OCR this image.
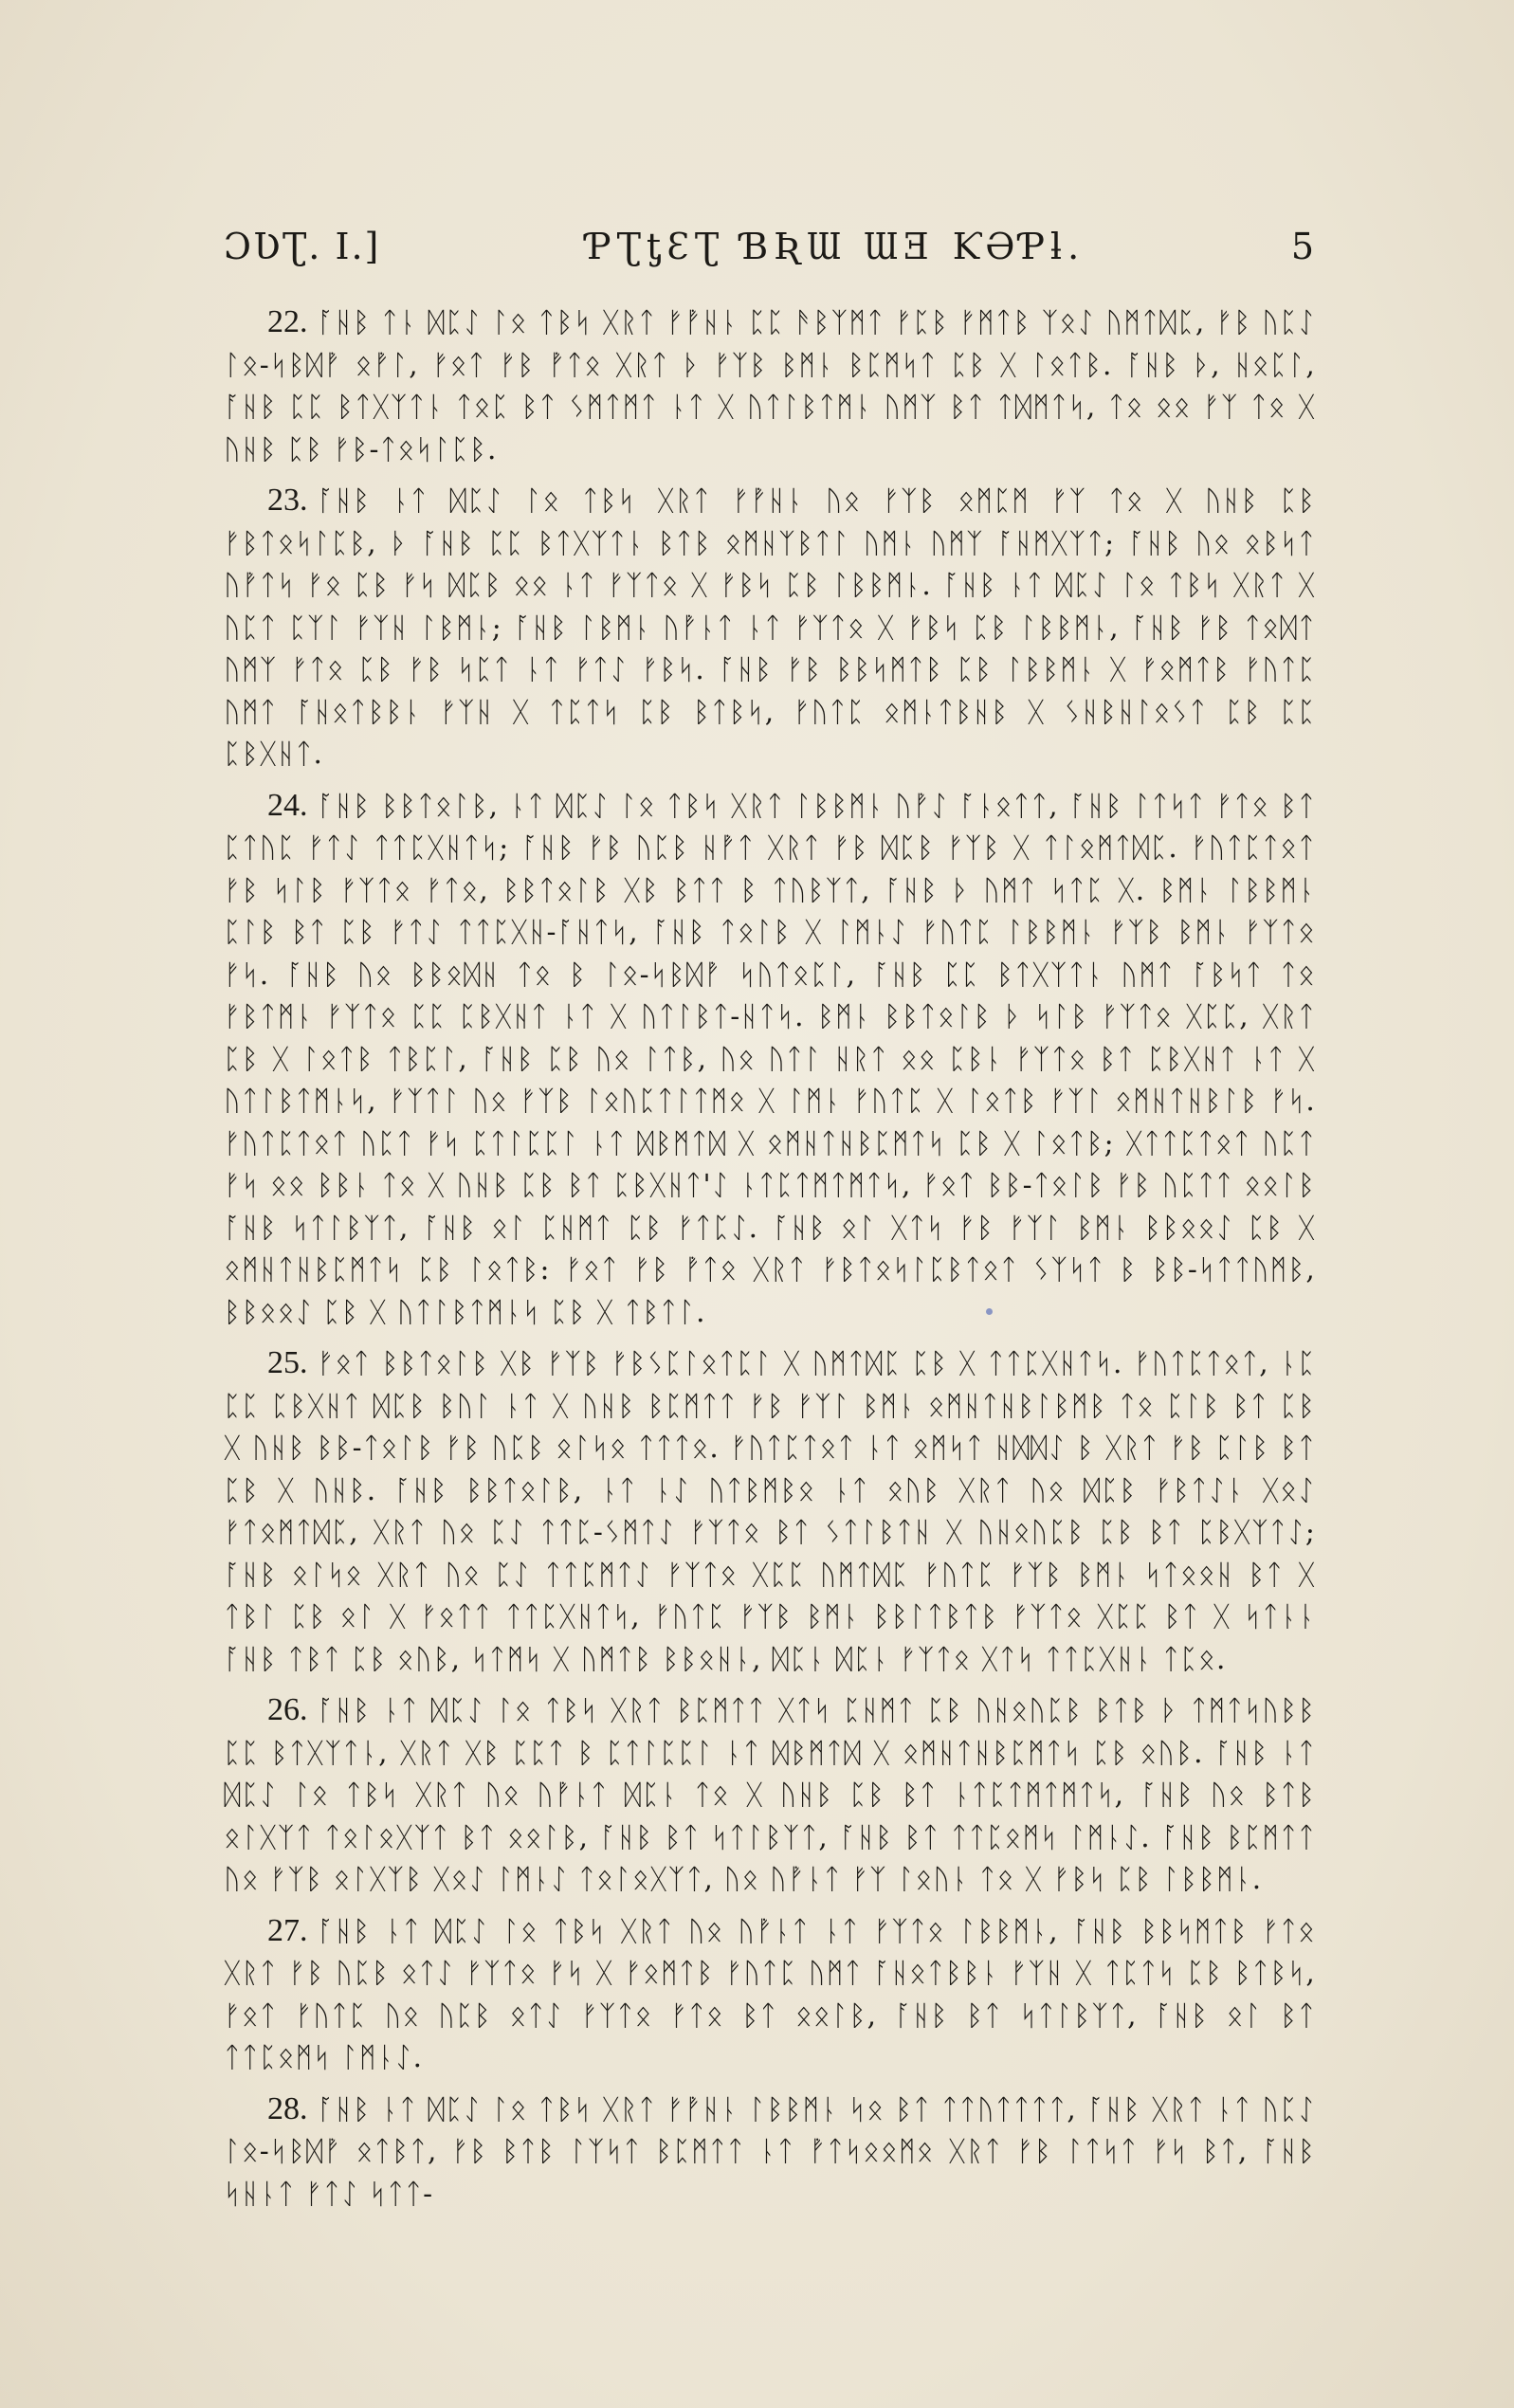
ƆƲƮ. I.]	ƤƮƫƐƮ ƁƦƜ ƜƎ ƘƏƤƚ.	5

22. ᚪᚺᛒ ᛏᚿ ᛞᛈᛇ ᛚᛟ ᛏᛒᛋ ᚷᚱᛏ ᚠᚡᚺᚿ ᛈᛈ ᚫᛒᛉᛗᛏ ᚠᛈᛒ ᚠᛗᛏᛒ ᛉᛟᛇ ᚢᛗᛏᛞᛈ, ᚠᛒ ᚢᛈᛇ ᛚᛟ-ᛋᛒᛞᚡ ᛟᚡᛚ, ᚠᛟᛏ ᚠᛒ ᚡᛏᛟ ᚷᚱᛏ ᚦ ᚠᛉᛒ ᛒᛗᚿ ᛒᛈᛗᛋᛏ ᛈᛒ ᚷ ᛚᛟᛏᛒ. ᚪᚺᛒ ᚦ, ᚺᛟᛈᛚ, ᚪᚺᛒ ᛈᛈ ᛒᛏᚷᛉᛏᚿ ᛏᛟᛈ ᛒᛏ ᛊᛗᛏᛗᛏ ᚿᛏ ᚷ ᚢᛏᛚᛒᛏᛗᚿ ᚢᛗᛉ ᛒᛏ ᛏᛞᛗᛏᛋ, ᛏᛟ ᛟᛟ ᚠᛉ ᛏᛟ ᚷ ᚢᚺᛒ ᛈᛒ ᚠᛒ-ᛏᛟᛋᛚᛈᛒ.

23. ᚪᚺᛒ ᚿᛏ ᛞᛈᛇ ᛚᛟ ᛏᛒᛋ ᚷᚱᛏ ᚠᚡᚺᚿ ᚢᛟ ᚠᛉᛒ ᛟᛗᛈᛗ ᚠᛉ ᛏᛟ ᚷ ᚢᚺᛒ ᛈᛒ ᚠᛒᛏᛟᛋᛚᛈᛒ, ᚦ ᚪᚺᛒ ᛈᛈ ᛒᛏᚷᛉᛏᚿ ᛒᛏᛒ ᛟᛗᚺᛉᛒᛏᛚ ᚢᛗᚿ ᚢᛗᛉ ᚪᚺᛗᚷᛉᛏ; ᚪᚺᛒ ᚢᛟ ᛟᛒᛋᛏ ᚢᚡᛏᛋ ᚠᛟ ᛈᛒ ᚠᛋ ᛞᛈᛒ ᛟᛟ ᚿᛏ ᚠᛉᛏᛟ ᚷ ᚠᛒᛋ ᛈᛒ ᛚᛒᛒᛗᚿ. ᚪᚺᛒ ᚿᛏ ᛞᛈᛇ ᛚᛟ ᛏᛒᛋ ᚷᚱᛏ ᚷ ᚢᛈᛏ ᛈᛉᛚ ᚠᛉᚺ ᛚᛒᛗᚿ; ᚪᚺᛒ ᛚᛒᛗᚿ ᚢᚡᚿᛏ ᚿᛏ ᚠᛉᛏᛟ ᚷ ᚠᛒᛋ ᛈᛒ ᛚᛒᛒᛗᚿ, ᚪᚺᛒ ᚠᛒ ᛏᛟᛞᛏ ᚢᛗᛉ ᚠᛏᛟ ᛈᛒ ᚠᛒ ᛋᛈᛏ ᚿᛏ ᚠᛏᛇ ᚠᛒᛋ. ᚪᚺᛒ ᚠᛒ ᛒᛒᛋᛗᛏᛒ ᛈᛒ ᛚᛒᛒᛗᚿ ᚷ ᚠᛟᛗᛏᛒ ᚠᚢᛏᛈ ᚢᛗᛏ ᚪᚺᛟᛏᛒᛒᚿ ᚠᛉᚺ ᚷ ᛏᛈᛏᛋ ᛈᛒ ᛒᛏᛒᛋ, ᚠᚢᛏᛈ ᛟᛗᚿᛏᛒᚺᛒ ᚷ ᛊᚺᛒᚺᛚᛟᛊᛏ ᛈᛒ ᛈᛈ ᛈᛒᚷᚺᛏ.

24. ᚪᚺᛒ ᛒᛒᛏᛟᛚᛒ, ᚿᛏ ᛞᛈᛇ ᛚᛟ ᛏᛒᛋ ᚷᚱᛏ ᛚᛒᛒᛗᚿ ᚢᚡᛇ ᚪᚿᛟᛏᛏ, ᚪᚺᛒ ᛚᛏᛋᛏ ᚠᛏᛟ ᛒᛏ ᛈᛏᚢᛈ ᚠᛏᛇ ᛏᛏᛈᚷᚺᛏᛋ; ᚪᚺᛒ ᚠᛒ ᚢᛈᛒ ᚺᚡᛏ ᚷᚱᛏ ᚠᛒ ᛞᛈᛒ ᚠᛉᛒ ᚷ ᛏᛚᛟᛗᛏᛞᛈ. ᚠᚢᛏᛈᛏᛟᛏ ᚠᛒ ᛋᛚᛒ ᚠᛉᛏᛟ ᚠᛏᛟ, ᛒᛒᛏᛟᛚᛒ ᚷᛒ ᛒᛏᛏ ᛒ ᛏᚢᛒᛉᛏ, ᚪᚺᛒ ᚦ ᚢᛗᛏ ᛋᛏᛈ ᚷ. ᛒᛗᚿ ᛚᛒᛒᛗᚿ ᛈᛚᛒ ᛒᛏ ᛈᛒ ᚠᛏᛇ ᛏᛏᛈᚷᚺ-ᚪᚺᛏᛋ, ᚪᚺᛒ ᛏᛟᛚᛒ ᚷ ᛚᛗᚿᛇ ᚠᚢᛏᛈ ᛚᛒᛒᛗᚿ ᚠᛉᛒ ᛒᛗᚿ ᚠᛉᛏᛟ ᚠᛋ. ᚪᚺᛒ ᚢᛟ ᛒᛒᛟᛞᚺ ᛏᛟ ᛒ ᛚᛟ-ᛋᛒᛞᚡ ᛋᚢᛏᛟᛈᛚ, ᚪᚺᛒ ᛈᛈ ᛒᛏᚷᛉᛏᚿ ᚢᛗᛏ ᚪᛒᛋᛏ ᛏᛟ ᚠᛒᛏᛗᚿ ᚠᛉᛏᛟ ᛈᛈ ᛈᛒᚷᚺᛏ ᚿᛏ ᚷ ᚢᛏᛚᛒᛏ-ᚺᛏᛋ. ᛒᛗᚿ ᛒᛒᛏᛟᛚᛒ ᚦ ᛋᛚᛒ ᚠᛉᛏᛟ ᚷᛈᛈ, ᚷᚱᛏ ᛈᛒ ᚷ ᛚᛟᛏᛒ ᛏᛒᛈᛚ, ᚪᚺᛒ ᛈᛒ ᚢᛟ ᛚᛏᛒ, ᚢᛟ ᚢᛏᛚ ᚺᚱᛏ ᛟᛟ ᛈᛒᚿ ᚠᛉᛏᛟ ᛒᛏ ᛈᛒᚷᚺᛏ ᚿᛏ ᚷ ᚢᛏᛚᛒᛏᛗᚿᛋ, ᚠᛉᛏᛚ ᚢᛟ ᚠᛉᛒ ᛚᛟᚢᛈᛏᛚᛏᛗᛟ ᚷ ᛚᛗᚿ ᚠᚢᛏᛈ ᚷ ᛚᛟᛏᛒ ᚠᛉᛚ ᛟᛗᚺᛏᚺᛒᛚᛒ ᚠᛋ. ᚠᚢᛏᛈᛏᛟᛏ ᚢᛈᛏ ᚠᛋ ᛈᛏᛚᛈᛈᛚ ᚿᛏ ᛞᛒᛗᛏᛞ ᚷ ᛟᛗᚺᛏᚺᛒᛈᛗᛏᛋ ᛈᛒ ᚷ ᛚᛟᛏᛒ; ᚷᛏᛏᛈᛏᛟᛏ ᚢᛈᛏ ᚠᛋ ᛟᛟ ᛒᛒᚿ ᛏᛟ ᚷ ᚢᚺᛒ ᛈᛒ ᛒᛏ ᛈᛒᚷᚺᛏ'ᛇ ᚿᛏᛈᛏᛗᛏᛗᛏᛋ, ᚠᛟᛏ ᛒᛒ-ᛏᛟᛚᛒ ᚠᛒ ᚢᛈᛏᛏ ᛟᛟᛚᛒ ᚪᚺᛒ ᛋᛏᛚᛒᛉᛏ, ᚪᚺᛒ ᛟᛚ ᛈᚺᛗᛏ ᛈᛒ ᚠᛏᛈᛇ. ᚪᚺᛒ ᛟᛚ ᚷᛏᛋ ᚠᛒ ᚠᛉᛚ ᛒᛗᚿ ᛒᛒᛟᛟᛇ ᛈᛒ ᚷ ᛟᛗᚺᛏᚺᛒᛈᛗᛏᛋ ᛈᛒ ᛚᛟᛏᛒ: ᚠᛟᛏ ᚠᛒ ᚡᛏᛟ ᚷᚱᛏ ᚠᛒᛏᛟᛋᛚᛈᛒᛏᛟᛏ ᛊᛉᛋᛏ ᛒ ᛒᛒ-ᛋᛏᛏᚢᛗᛒ, ᛒᛒᛟᛟᛇ ᛈᛒ ᚷ ᚢᛏᛚᛒᛏᛗᚿᛋ ᛈᛒ ᚷ ᛏᛒᛏᛚ.

25. ᚠᛟᛏ ᛒᛒᛏᛟᛚᛒ ᚷᛒ ᚠᛉᛒ ᚠᛒᛊᛈᛚᛟᛏᛈᛚ ᚷ ᚢᛗᛏᛞᛈ ᛈᛒ ᚷ ᛏᛏᛈᚷᚺᛏᛋ. ᚠᚢᛏᛈᛏᛟᛏ, ᚿᛈ ᛈᛈ ᛈᛒᚷᚺᛏ ᛞᛈᛒ ᛒᚢᛚ ᚿᛏ ᚷ ᚢᚺᛒ ᛒᛈᛗᛏᛏ ᚠᛒ ᚠᛉᛚ ᛒᛗᚿ ᛟᛗᚺᛏᚺᛒᛚᛒᛗᛒ ᛏᛟ ᛈᛚᛒ ᛒᛏ ᛈᛒ ᚷ ᚢᚺᛒ ᛒᛒ-ᛏᛟᛚᛒ ᚠᛒ ᚢᛈᛒ ᛟᛚᛋᛟ ᛏᛏᛏᛟ. ᚠᚢᛏᛈᛏᛟᛏ ᚿᛏ ᛟᛗᛋᛏ ᚺᛞᛞᛇ ᛒ ᚷᚱᛏ ᚠᛒ ᛈᛚᛒ ᛒᛏ ᛈᛒ ᚷ ᚢᚺᛒ. ᚪᚺᛒ ᛒᛒᛏᛟᛚᛒ, ᚿᛏ ᚿᛇ ᚢᛏᛒᛗᛒᛟ ᚿᛏ ᛟᚢᛒ ᚷᚱᛏ ᚢᛟ ᛞᛈᛒ ᚠᛒᛏᛇᚿ ᚷᛟᛇ ᚠᛏᛟᛗᛏᛞᛈ, ᚷᚱᛏ ᚢᛟ ᛈᛇ ᛏᛏᛈ-ᛊᛗᛏᛇ ᚠᛉᛏᛟ ᛒᛏ ᛊᛏᛚᛒᛏᚺ ᚷ ᚢᚺᛟᚢᛈᛒ ᛈᛒ ᛒᛏ ᛈᛒᚷᛉᛏᛇ; ᚪᚺᛒ ᛟᛚᛋᛟ ᚷᚱᛏ ᚢᛟ ᛈᛇ ᛏᛏᛈᛗᛏᛇ ᚠᛉᛏᛟ ᚷᛈᛈ ᚢᛗᛏᛞᛈ ᚠᚢᛏᛈ ᚠᛉᛒ ᛒᛗᚿ ᛋᛏᛟᛟᚺ ᛒᛏ ᚷ ᛏᛒᛚ ᛈᛒ ᛟᛚ ᚷ ᚠᛟᛏᛏ ᛏᛏᛈᚷᚺᛏᛋ, ᚠᚢᛏᛈ ᚠᛉᛒ ᛒᛗᚿ ᛒᛒᛚᛏᛒᛏᛒ ᚠᛉᛏᛟ ᚷᛈᛈ ᛒᛏ ᚷ ᛋᛏᚿᚿ ᚪᚺᛒ ᛏᛒᛏ ᛈᛒ ᛟᚢᛒ, ᛋᛏᛗᛋ ᚷ ᚢᛗᛏᛒ ᛒᛒᛟᚺᚿ, ᛞᛈᚿ ᛞᛈᚿ ᚠᛉᛏᛟ ᚷᛏᛋ ᛏᛏᛈᚷᚺᚿ ᛏᛈᛟ.

26. ᚪᚺᛒ ᚿᛏ ᛞᛈᛇ ᛚᛟ ᛏᛒᛋ ᚷᚱᛏ ᛒᛈᛗᛏᛏ ᚷᛏᛋ ᛈᚺᛗᛏ ᛈᛒ ᚢᚺᛟᚢᛈᛒ ᛒᛏᛒ ᚦ ᛏᛗᛏᛋᚢᛒᛒ ᛈᛈ ᛒᛏᚷᛉᛏᚿ, ᚷᚱᛏ ᚷᛒ ᛈᛈᛏ ᛒ ᛈᛏᛚᛈᛈᛚ ᚿᛏ ᛞᛒᛗᛏᛞ ᚷ ᛟᛗᚺᛏᚺᛒᛈᛗᛏᛋ ᛈᛒ ᛟᚢᛒ. ᚪᚺᛒ ᚿᛏ ᛞᛈᛇ ᛚᛟ ᛏᛒᛋ ᚷᚱᛏ ᚢᛟ ᚢᚡᚿᛏ ᛞᛈᚿ ᛏᛟ ᚷ ᚢᚺᛒ ᛈᛒ ᛒᛏ ᚿᛏᛈᛏᛗᛏᛗᛏᛋ, ᚪᚺᛒ ᚢᛟ ᛒᛏᛒ ᛟᛚᚷᛉᛏ ᛏᛟᛚᛟᚷᛉᛏ ᛒᛏ ᛟᛟᛚᛒ, ᚪᚺᛒ ᛒᛏ ᛋᛏᛚᛒᛉᛏ, ᚪᚺᛒ ᛒᛏ ᛏᛏᛈᛟᛗᛋ ᛚᛗᚿᛇ. ᚪᚺᛒ ᛒᛈᛗᛏᛏ ᚢᛟ ᚠᛉᛒ ᛟᛚᚷᛉᛒ ᚷᛟᛇ ᛚᛗᚿᛇ ᛏᛟᛚᛟᚷᛉᛏ, ᚢᛟ ᚢᚡᚿᛏ ᚠᛉ ᛚᛟᚢᚿ ᛏᛟ ᚷ ᚠᛒᛋ ᛈᛒ ᛚᛒᛒᛗᚿ.

27. ᚪᚺᛒ ᚿᛏ ᛞᛈᛇ ᛚᛟ ᛏᛒᛋ ᚷᚱᛏ ᚢᛟ ᚢᚡᚿᛏ ᚿᛏ ᚠᛉᛏᛟ ᛚᛒᛒᛗᚿ, ᚪᚺᛒ ᛒᛒᛋᛗᛏᛒ ᚠᛏᛟ ᚷᚱᛏ ᚠᛒ ᚢᛈᛒ ᛟᛏᛇ ᚠᛉᛏᛟ ᚠᛋ ᚷ ᚠᛟᛗᛏᛒ ᚠᚢᛏᛈ ᚢᛗᛏ ᚪᚺᛟᛏᛒᛒᚿ ᚠᛉᚺ ᚷ ᛏᛈᛏᛋ ᛈᛒ ᛒᛏᛒᛋ, ᚠᛟᛏ ᚠᚢᛏᛈ ᚢᛟ ᚢᛈᛒ ᛟᛏᛇ ᚠᛉᛏᛟ ᚠᛏᛟ ᛒᛏ ᛟᛟᛚᛒ, ᚪᚺᛒ ᛒᛏ ᛋᛏᛚᛒᛉᛏ, ᚪᚺᛒ ᛟᛚ ᛒᛏ ᛏᛏᛈᛟᛗᛋ ᛚᛗᚿᛇ.

28. ᚪᚺᛒ ᚿᛏ ᛞᛈᛇ ᛚᛟ ᛏᛒᛋ ᚷᚱᛏ ᚠᚡᚺᚿ ᛚᛒᛒᛗᚿ ᛋᛟ ᛒᛏ ᛏᛏᚢᛏᛏᛏᛏ, ᚪᚺᛒ ᚷᚱᛏ ᚿᛏ ᚢᛈᛇ ᛚᛟ-ᛋᛒᛞᚡ ᛟᛏᛒᛏ, ᚠᛒ ᛒᛏᛒ ᛚᛉᛋᛏ ᛒᛈᛗᛏᛏ ᚿᛏ ᚡᛏᛋᛟᛟᛗᛟ ᚷᚱᛏ ᚠᛒ ᛚᛏᛋᛏ ᚠᛋ ᛒᛏ, ᚪᚺᛒ ᛋᚺᚿᛏ ᚠᛏᛇ ᛋᛏᛏ-
